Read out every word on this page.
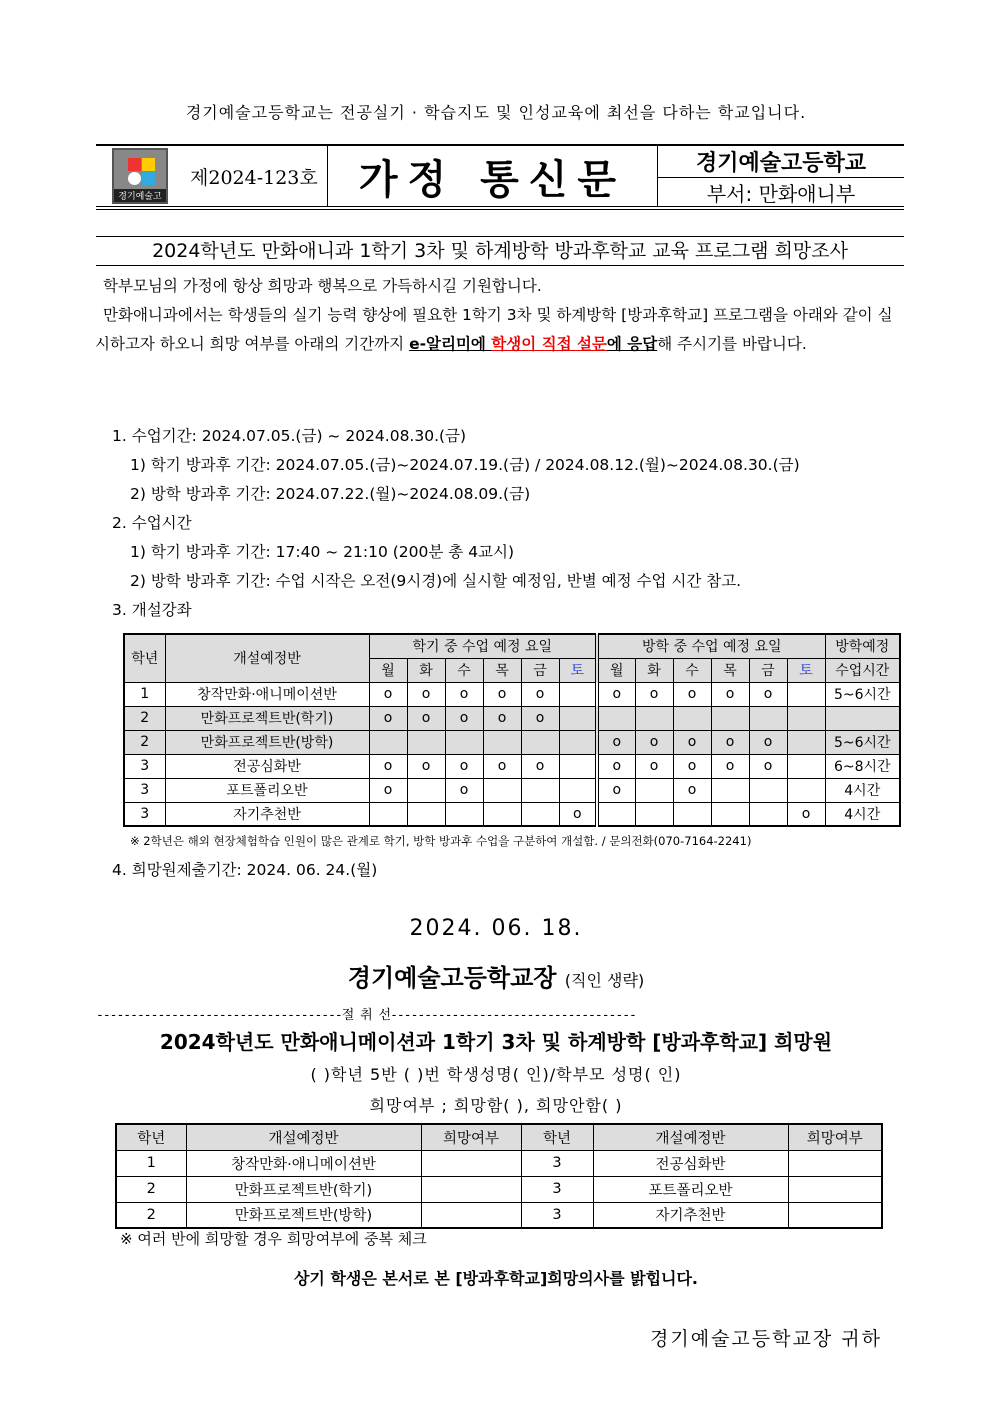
경기예술고등학교는 전공실기 · 학습지도 및 인성교육에 최선을 다하는 학교입니다.
경기예술고
제2024-123호	가정 통신문	경기예술고등학교
부서: 만화애니부
2024학년도 만화애니과 1학기 3차 및 하계방학 방과후학교 교육 프로그램 희망조사
학부모님의 가정에 항상 희망과 행복으로 가득하시길 기원합니다.
만화애니과에서는 학생들의 실기 능력 향상에 필요한 1학기 3차 및 하계방학 [방과후학교] 프로그램을 아래와 같이 실시하고자 하오니 희망 여부를 아래의 기간까지 e-알리미에 학생이 직접 설문에 응답해 주시기를 바랍니다.
1. 수업기간: 2024.07.05.(금) ~ 2024.08.30.(금)
1) 학기 방과후 기간: 2024.07.05.(금)~2024.07.19.(금) / 2024.08.12.(월)~2024.08.30.(금)
2) 방학 방과후 기간: 2024.07.22.(월)~2024.08.09.(금)
2. 수업시간
1) 학기 방과후 기간: 17:40 ~ 21:10 (200분 총 4교시)
2) 방학 방과후 기간: 수업 시작은 오전(9시경)에 실시할 예정임, 반별 예정 수업 시간 참고.
3. 개설강좌
학년	개설예정반	학기 중 수업 예정 요일						방학 중 수업 예정 요일						방학예정
		월	화	수	목	금	토	월	화	수	목	금	토	수업시간
1	창작만화·애니메이션반	o	o	o	o	o		o	o	o	o	o		5~6시간
2	만화프로젝트반(학기)	o	o	o	o	o								
2	만화프로젝트반(방학)							o	o	o	o	o		5~6시간
3	전공심화반	o	o	o	o	o		o	o	o	o	o		6~8시간
3	포트폴리오반	o		o				o		o				4시간
3	자기추천반						o						o	4시간
※ 2학년은 해외 현장체험학습 인원이 많은 관계로 학기, 방학 방과후 수업을 구분하여 개설함. / 문의전화(070-7164-2241)
4. 희망원제출기간: 2024. 06. 24.(월)
2024. 06. 18.
경기예술고등학교장 (직인 생략)
------------------------------------절 취 선------------------------------------
2024학년도 만화애니메이션과 1학기 3차 및 하계방학 [방과후학교] 희망원
( )학년 5반 ( )번 학생성명( 인)/학부모 성명( 인)
희망여부 ; 희망함( ), 희망안함( )
학년	개설예정반	희망여부	학년	개설예정반	희망여부
1	창작만화·애니메이션반		3	전공심화반	
2	만화프로젝트반(학기)		3	포트폴리오반	
2	만화프로젝트반(방학)		3	자기추천반	
※ 여러 반에 희망할 경우 희망여부에 중복 체크
상기 학생은 본서로 본 [방과후학교]희망의사를 밝힙니다.
경기예술고등학교장 귀하
